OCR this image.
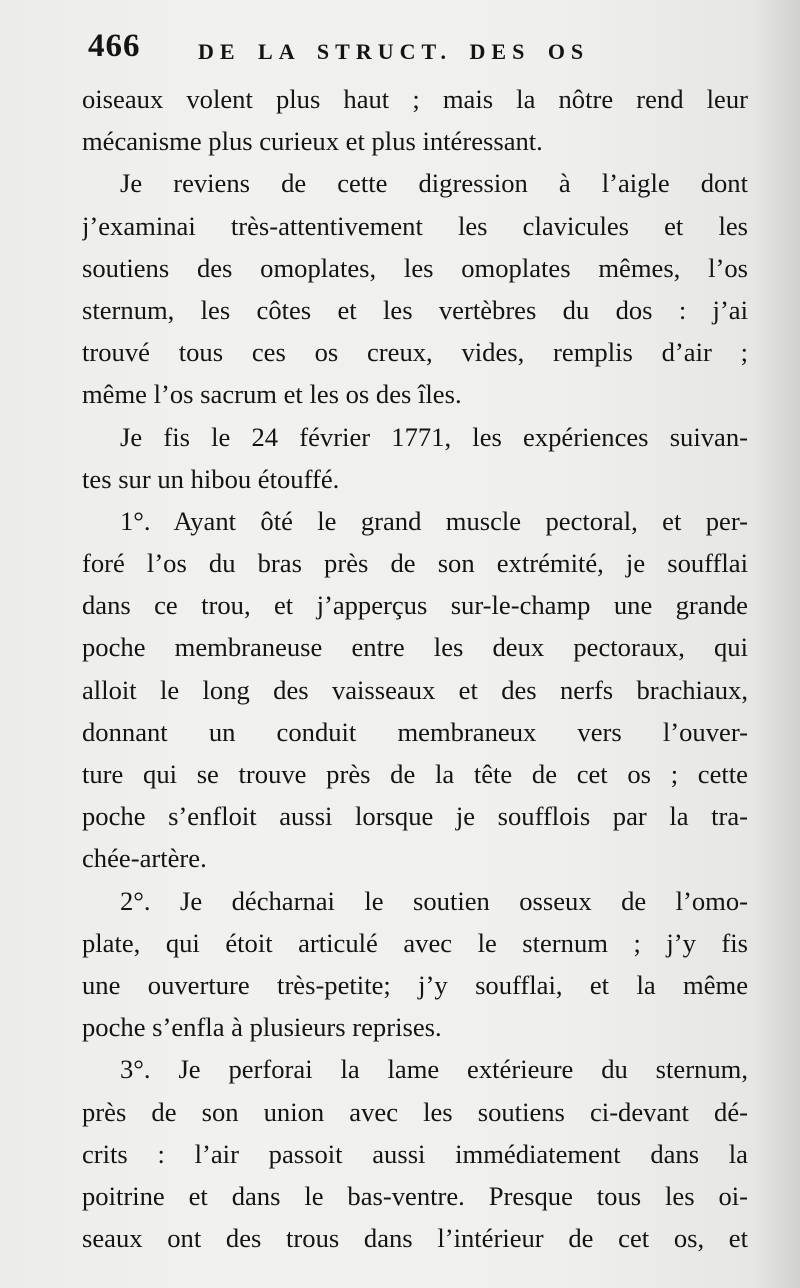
466	DE LA STRUCT. DES OS
oiseaux volent plus haut ; mais la nôtre rend leur
mécanisme plus curieux et plus intéressant.
Je reviens de cette digression à l’aigle dont
j’examinai très-attentivement les clavicules et les
soutiens des omoplates, les omoplates mêmes, l’os
sternum, les côtes et les vertèbres du dos : j’ai
trouvé tous ces os creux, vides, remplis d’air ;
même l’os sacrum et les os des îles.
Je fis le 24 février 1771, les expériences suivan-
tes sur un hibou étouffé.
1°. Ayant ôté le grand muscle pectoral, et per-
foré l’os du bras près de son extrémité, je soufflai
dans ce trou, et j’apperçus sur-le-champ une grande
poche membraneuse entre les deux pectoraux, qui
alloit le long des vaisseaux et des nerfs brachiaux,
donnant un conduit membraneux vers l’ouver-
ture qui se trouve près de la tête de cet os ; cette
poche s’enfloit aussi lorsque je soufflois par la tra-
chée-artère.
2°. Je décharnai le soutien osseux de l’omo-
plate, qui étoit articulé avec le sternum ; j’y fis
une ouverture très-petite; j’y soufflai, et la même
poche s’enfla à plusieurs reprises.
3°. Je perforai la lame extérieure du sternum,
près de son union avec les soutiens ci-devant dé-
crits : l’air passoit aussi immédiatement dans la
poitrine et dans le bas-ventre. Presque tous les oi-
seaux ont des trous dans l’intérieur de cet os, et
